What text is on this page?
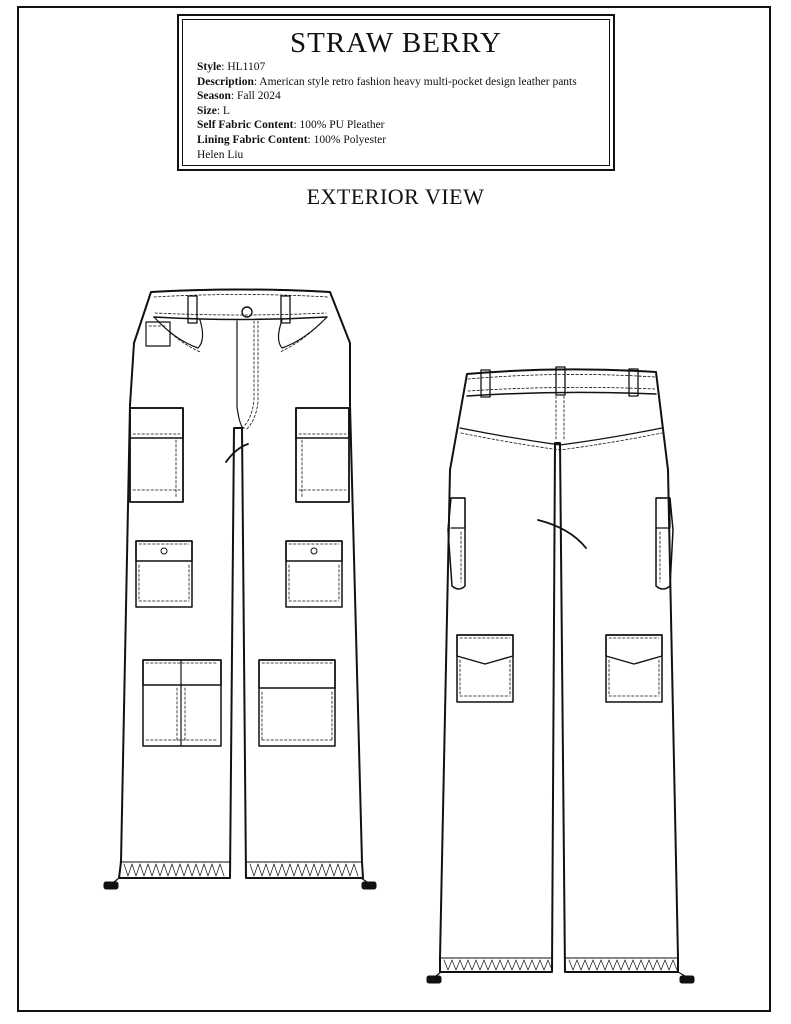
STRAW BERRY
Style: HL1107
Description: American style retro fashion heavy multi-pocket design leather pants
Season: Fall 2024
Size: L
Self Fabric Content: 100% PU Pleather
Lining Fabric Content: 100% Polyester
Helen Liu
EXTERIOR VIEW
